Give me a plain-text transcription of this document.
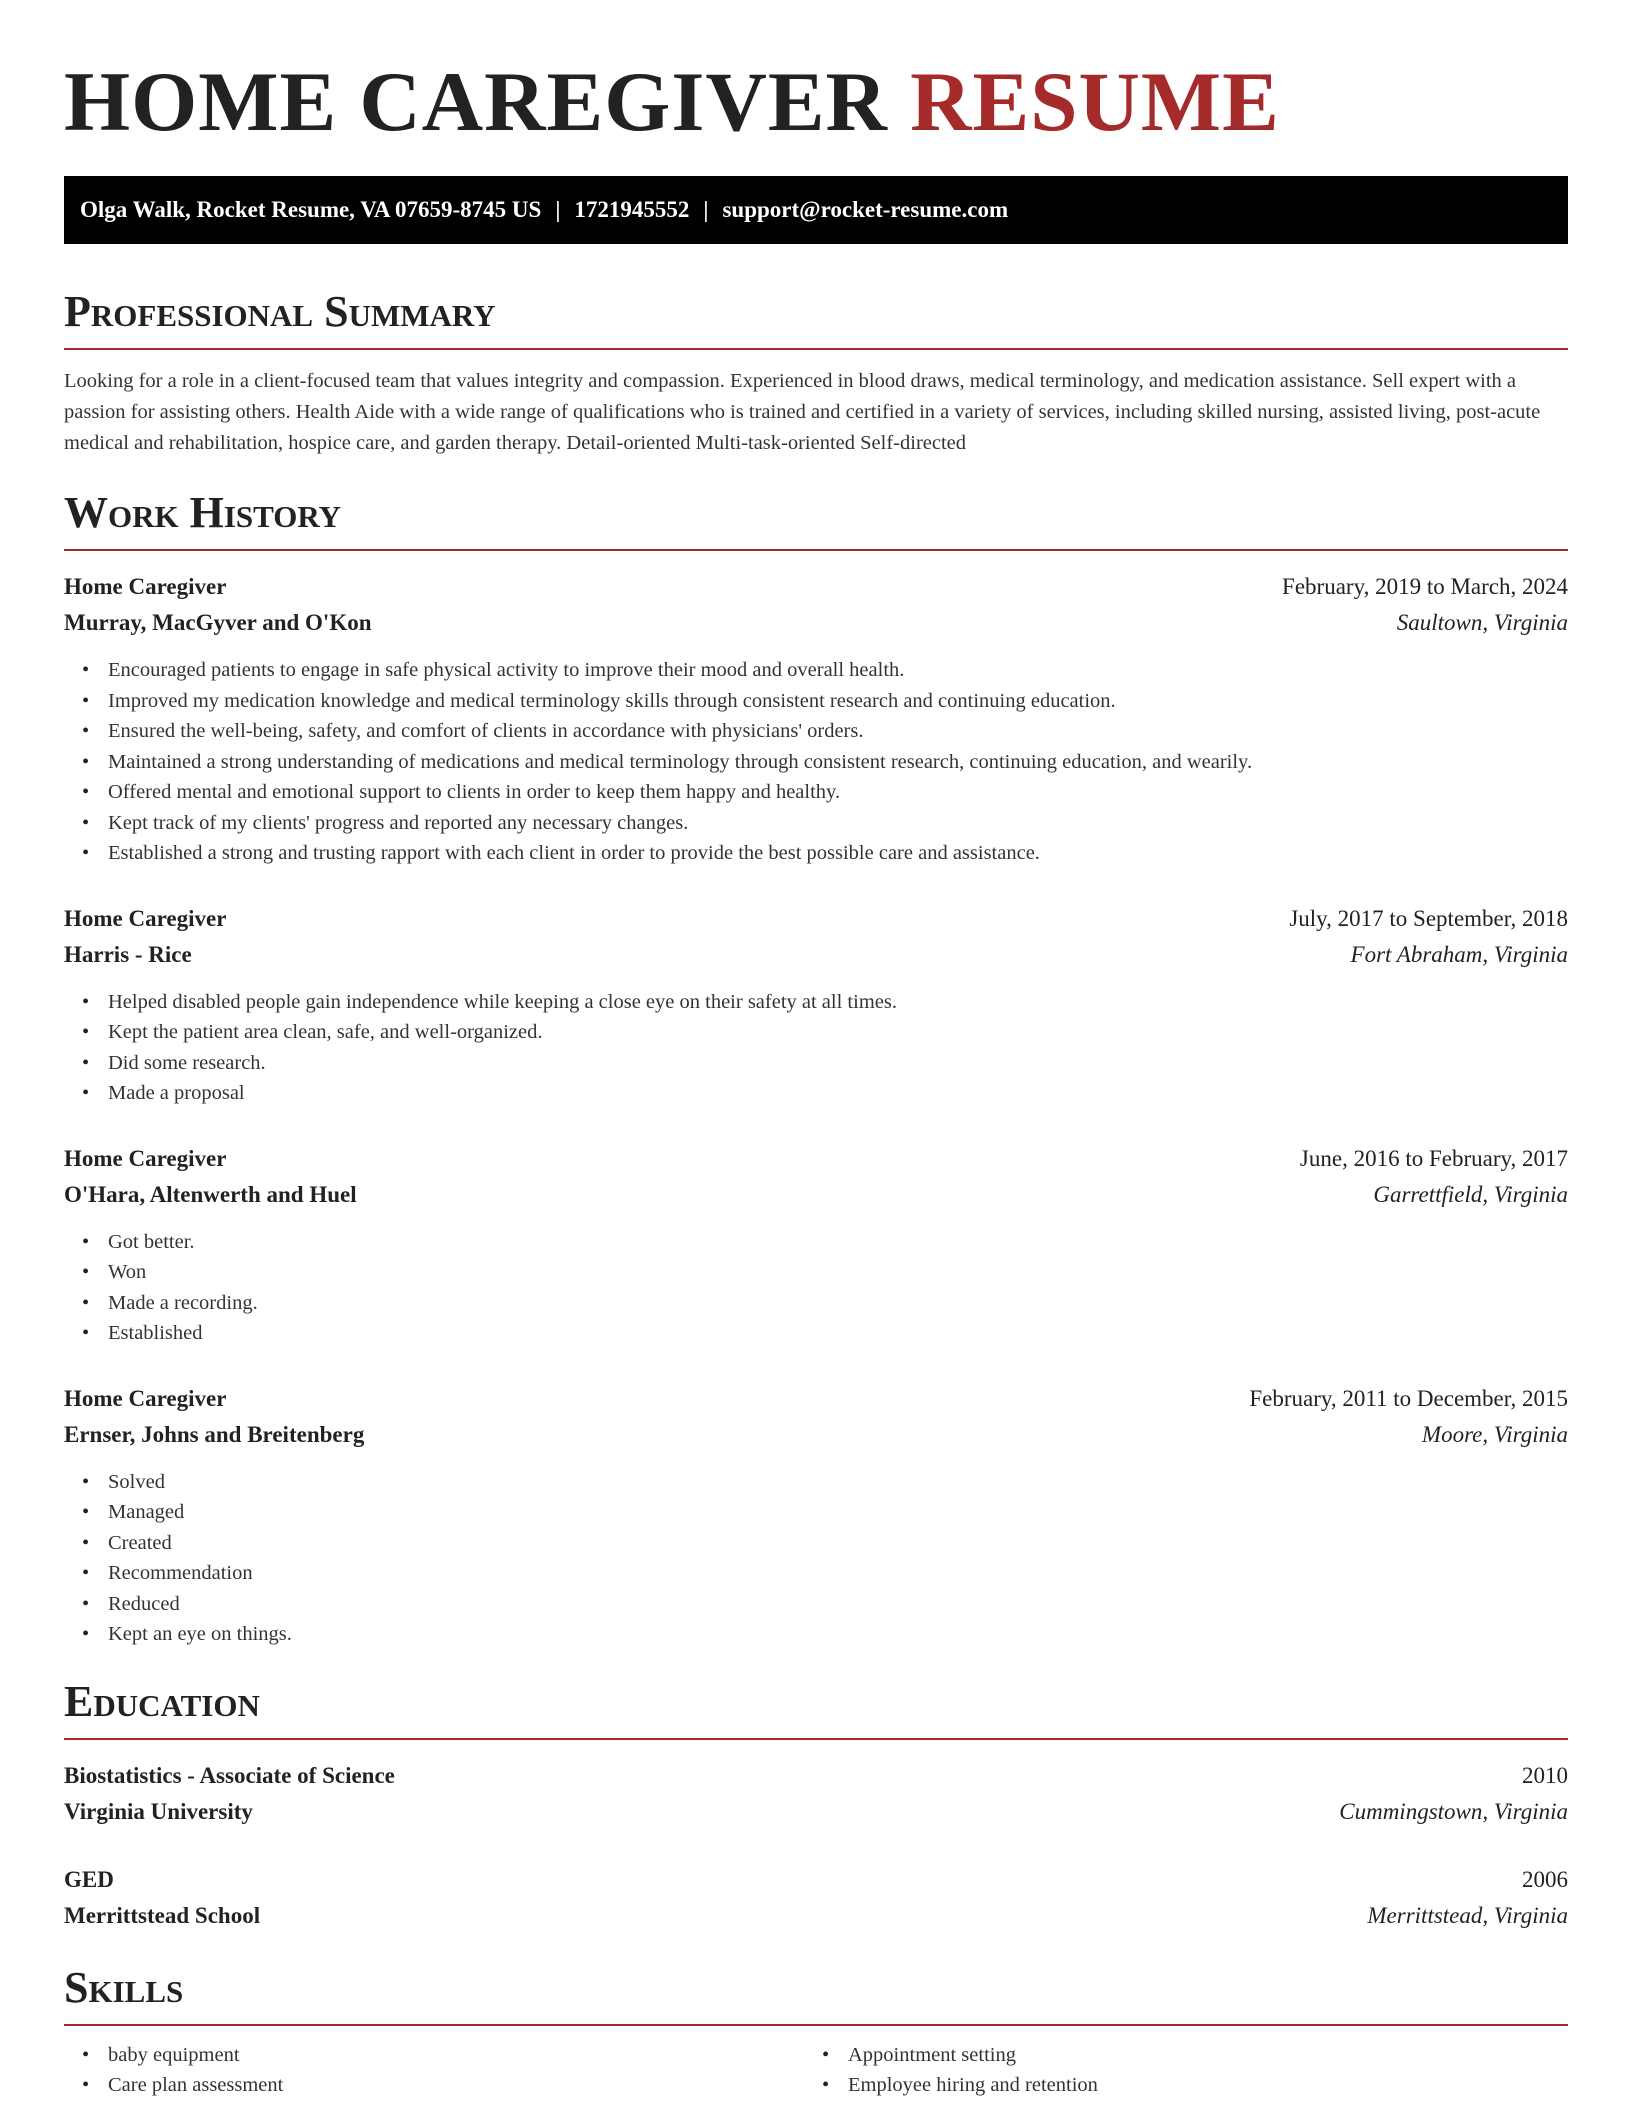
HOME CAREGIVER RESUME
Olga Walk, Rocket Resume, VA 07659-8745 US | 1721945552 | support@rocket-resume.com
Professional Summary

Looking for a role in a client-focused team that values integrity and compassion. Experienced in blood draws, medical terminology, and medication assistance. Sell expert with a passion for assisting others. Health Aide with a wide range of qualifications who is trained and certified in a variety of services, including skilled nursing, assisted living, post-acute medical and rehabilitation, hospice care, and garden therapy. Detail-oriented Multi-task-oriented Self-directed

Work History
Home Caregiver	February, 2019 to March, 2024
Murray, MacGyver and O'Kon	Saultown, Virginia
• Encouraged patients to engage in safe physical activity to improve their mood and overall health.
• Improved my medication knowledge and medical terminology skills through consistent research and continuing education.
• Ensured the well-being, safety, and comfort of clients in accordance with physicians' orders.
• Maintained a strong understanding of medications and medical terminology through consistent research, continuing education, and wearily.
• Offered mental and emotional support to clients in order to keep them happy and healthy.
• Kept track of my clients' progress and reported any necessary changes.
• Established a strong and trusting rapport with each client in order to provide the best possible care and assistance.
Home Caregiver	July, 2017 to September, 2018
Harris - Rice	Fort Abraham, Virginia
• Helped disabled people gain independence while keeping a close eye on their safety at all times.
• Kept the patient area clean, safe, and well-organized.
• Did some research.
• Made a proposal
Home Caregiver	June, 2016 to February, 2017
O'Hara, Altenwerth and Huel	Garrettfield, Virginia
• Got better.
• Won
• Made a recording.
• Established
Home Caregiver	February, 2011 to December, 2015
Ernser, Johns and Breitenberg	Moore, Virginia
• Solved
• Managed
• Created
• Recommendation
• Reduced
• Kept an eye on things.
Education
Biostatistics - Associate of Science	2010
Virginia University	Cummingstown, Virginia
GED	2006
Merrittstead School	Merrittstead, Virginia
Skills
• baby equipment
• Care plan assessment
• Appointment setting
• Employee hiring and retention
